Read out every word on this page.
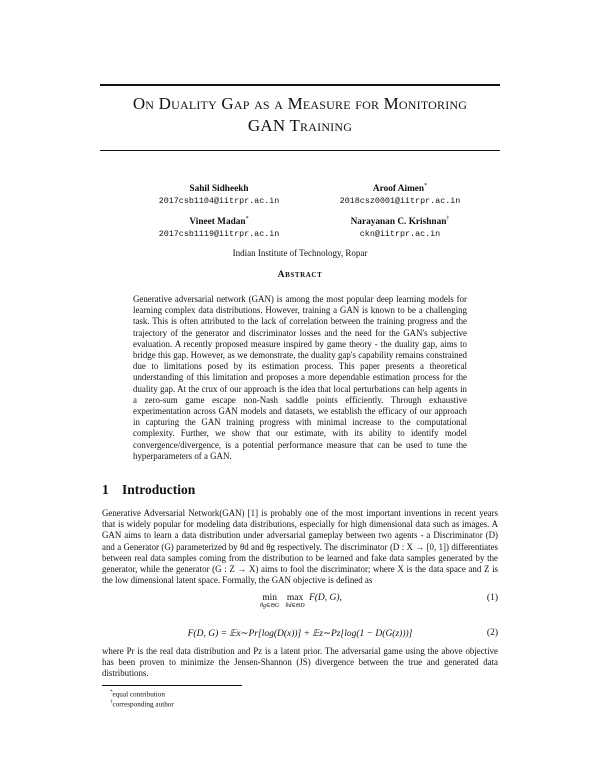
On Duality Gap as a Measure for Monitoring
GAN Training
Sahil Sidheekh
2017csb1104@iitrpr.ac.in
Aroof Aimen*
2018csz0001@iitrpr.ac.in
Vineet Madan*
2017csb1119@iitrpr.ac.in
Narayanan C. Krishnan†
ckn@iitrpr.ac.in
Indian Institute of Technology, Ropar
Abstract
Generative adversarial network (GAN) is among the most popular deep learning models for learning complex data distributions. However, training a GAN is known to be a challenging task. This is often attributed to the lack of correlation between the training progress and the trajectory of the generator and discriminator losses and the need for the GAN's subjective evaluation. A recently proposed measure inspired by game theory - the duality gap, aims to bridge this gap. However, as we demonstrate, the duality gap's capability remains constrained due to limitations posed by its estimation process. This paper presents a theoretical understanding of this limitation and proposes a more dependable estimation process for the duality gap. At the crux of our approach is the idea that local perturbations can help agents in a zero-sum game escape non-Nash saddle points efficiently. Through exhaustive experimentation across GAN models and datasets, we establish the efficacy of our approach in capturing the GAN training progress with minimal increase to the computational complexity. Further, we show that our estimate, with its ability to identify model convergence/divergence, is a potential performance measure that can be used to tune the hyperparameters of a GAN.
1 Introduction
Generative Adversarial Network(GAN) [1] is probably one of the most important inventions in recent years that is widely popular for modeling data distributions, especially for high dimensional data such as images. A GAN aims to learn a data distribution under adversarial gameplay between two agents - a Discriminator (D) and a Generator (G) parameterized by θd and θg respectively. The discriminator (D : X → [0, 1]) differentiates between real data samples coming from the distribution to be learned and fake data samples generated by the generator, while the generator (G : Z → X) aims to fool the discriminator; where X is the data space and Z is the low dimensional latent space. Formally, the GAN objective is defined as
min
θg∈ΘG
max
θd∈ΘD
F(D, G),	(1)
F(D, G) = 𝔼x∼Pr[log(D(x))] + 𝔼z∼Pz[log(1 − D(G(z)))]	(2)
where Pr is the real data distribution and Pz is a latent prior. The adversarial game using the above objective has been proven to minimize the Jensen-Shannon (JS) divergence between the true and generated data distributions.
*equal contribution
†corresponding author
